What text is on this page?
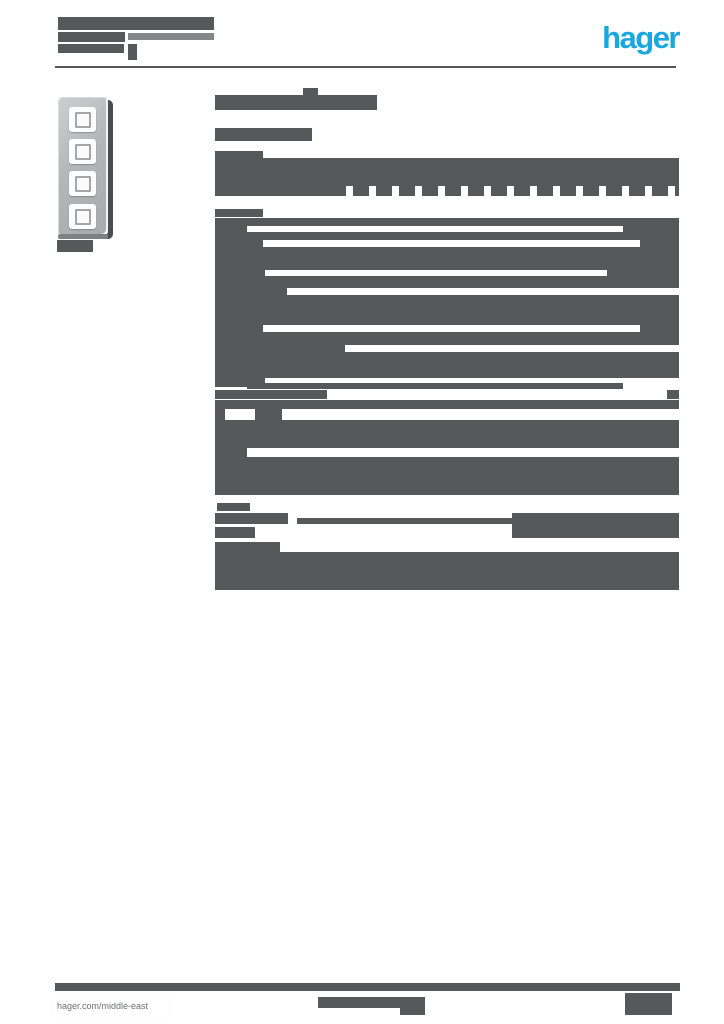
hager
hager.com/middle-east
